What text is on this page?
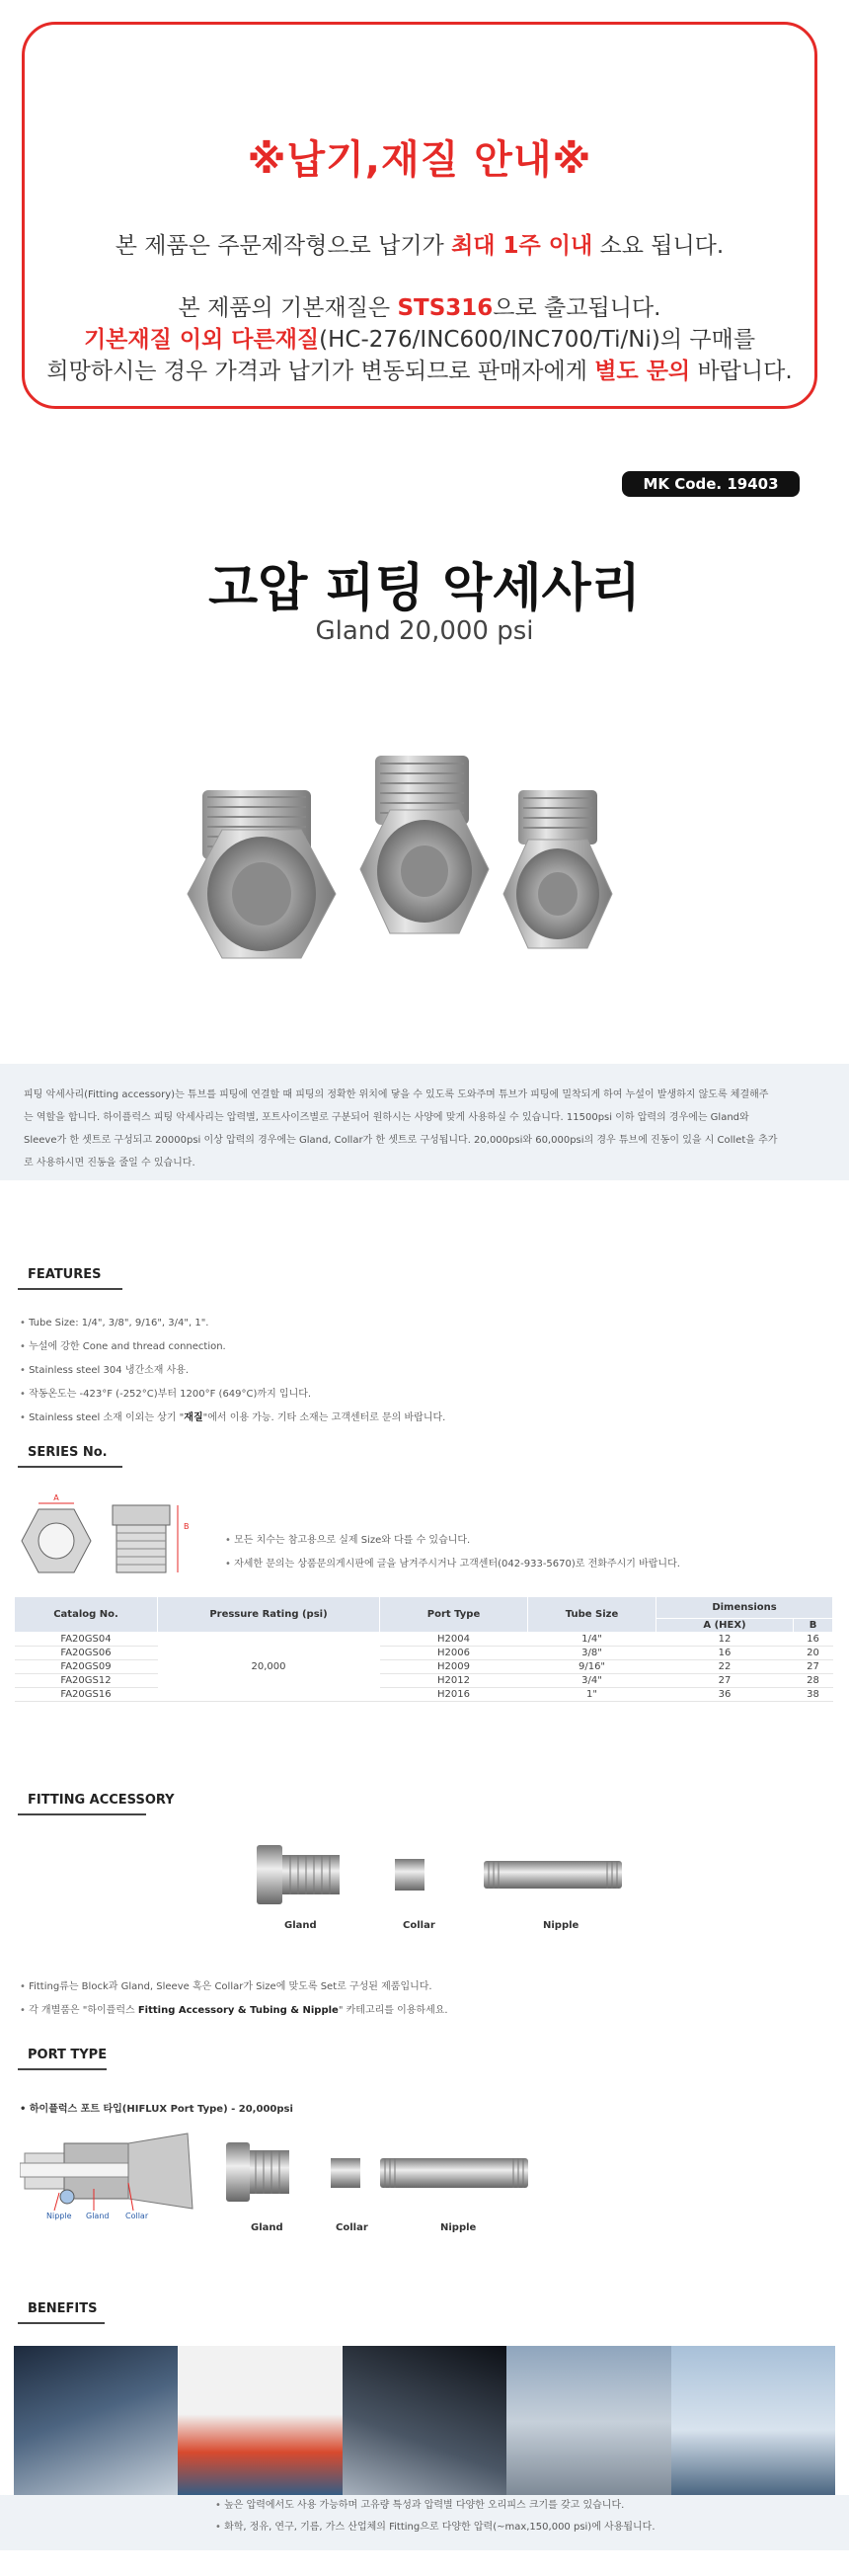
※납기,재질 안내※

본 제품은 주문제작형으로 납기가 최대 1주 이내 소요 됩니다.

본 제품의 기본재질은 STS316으로 출고됩니다.

기본재질 이외 다른재질(HC-276/INC600/INC700/Ti/Ni)의 구매를

희망하시는 경우 가격과 납기가 변동되므로 판매자에게 별도 문의 바랍니다.

MK Code. 19403
고압 피팅 악세사리
Gland 20,000 psi
피팅 악세사리(Fitting accessory)는 튜브를 피팅에 연결할 때 피팅의 정확한 위치에 닿을 수 있도록 도와주며 튜브가 피팅에 밀착되게 하여 누설이 발생하지 않도록 체결해주
는 역할을 합니다. 하이플럭스 피팅 악세사리는 압력별, 포트사이즈별로 구분되어 원하시는 사양에 맞게 사용하실 수 있습니다. 11500psi 이하 압력의 경우에는 Gland와
Sleeve가 한 셋트로 구성되고 20000psi 이상 압력의 경우에는 Gland, Collar가 한 셋트로 구성됩니다. 20,000psi와 60,000psi의 경우 튜브에 진동이 있을 시 Collet을 추가
로 사용하시면 진동을 줄일 수 있습니다.
FEATURES
• Tube Size: 1/4", 3/8", 9/16", 3/4", 1".
• 누설에 강한 Cone and thread connection.
• Stainless steel 304 냉간소재 사용.
• 작동온도는 -423°F (-252°C)부터 1200°F (649°C)까지 입니다.
• Stainless steel 소재 이외는 상기 "재질"에서 이용 가능. 기타 소재는 고객센터로 문의 바랍니다.
SERIES No.
A
B
• 모든 치수는 참고용으로 실제 Size와 다를 수 있습니다.
• 자세한 문의는 상품문의게시판에 글을 남겨주시거나 고객센터(042-933-5670)로 전화주시기 바랍니다.
Catalog No.	Pressure Rating (psi)	Port Type	Tube Size	Dimensions	
				A (HEX)	B
FA20GS04	20,000	H2004	1/4"	12	16
FA20GS06		H2006	3/8"	16	20
FA20GS09		H2009	9/16"	22	27
FA20GS12		H2012	3/4"	27	28
FA20GS16		H2016	1"	36	38
FITTING ACCESSORY
Gland	Collar	Nipple
• Fitting류는 Block과 Gland, Sleeve 혹은 Collar가 Size에 맞도록 Set로 구성된 제품입니다.
• 각 개별품은 "하이플럭스 Fitting Accessory & Tubing & Nipple" 카테고리를 이용하세요.
PORT TYPE
• 하이플럭스 포트 타입(HIFLUX Port Type) - 20,000psi
Nipple Gland Collar
Gland	Collar	Nipple
BENEFITS
• 높은 압력에서도 사용 가능하며 고유량 특성과 압력별 다양한 오리피스 크기를 갖고 있습니다.
• 화학, 정유, 연구, 기름, 가스 산업체의 Fitting으로 다양한 압력(~max,150,000 psi)에 사용됩니다.
